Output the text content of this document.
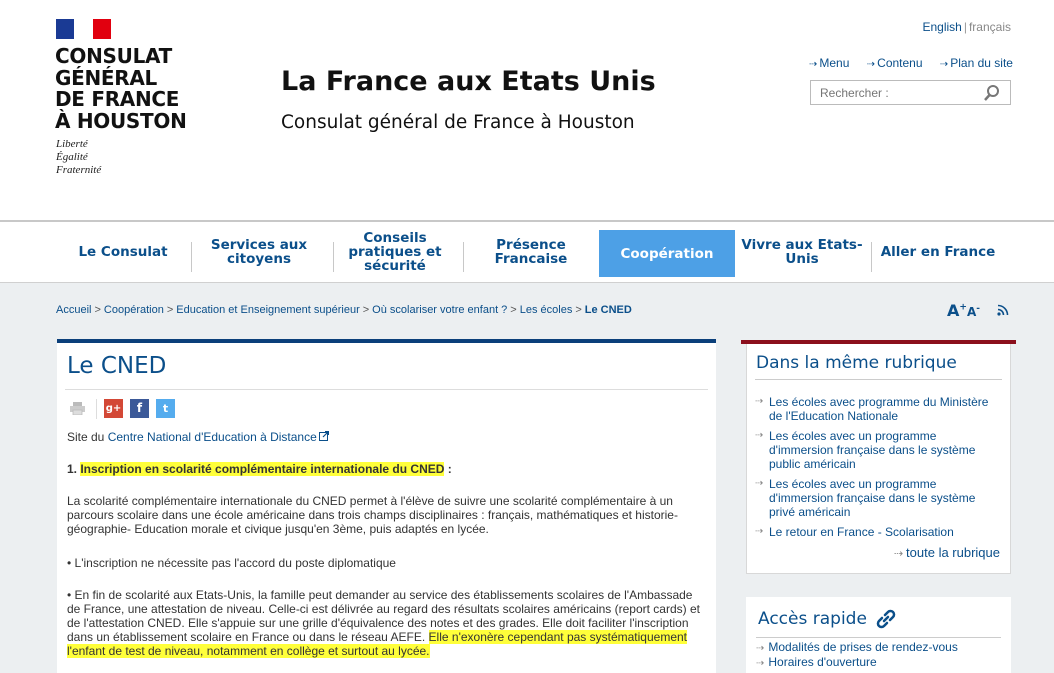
CONSULAT
GÉNÉRAL
DE FRANCE
À HOUSTON
Liberté
Égalité
Fraternité
La France aux Etats Unis
Consulat général de France à Houston
English | français
⇢ Menu ⇢ Contenu ⇢ Plan du site
Rechercher :
Le Consulat	Services aux citoyens
Conseils pratiques et sécurité
Présence Francaise	Coopération
Vivre aux Etats-Unis	Aller en France
Accueil > Coopération > Education et Enseignement supérieur > Où scolariser votre enfant ? > Les écoles > Le CNED	A+A-
Le CNED
g+	f	t

Site du Centre National d'Education à Distance

1. Inscription en scolarité complémentaire internationale du CNED :

La scolarité complémentaire internationale du CNED permet à l'élève de suivre une scolarité complémentaire à un
parcours scolaire dans une école américaine dans trois champs disciplinaires : français, mathématiques et historie-
géographie- Education morale et civique jusqu'en 3ème, puis adaptés en lycée.

• L'inscription ne nécessite pas l'accord du poste diplomatique

• En fin de scolarité aux Etats-Unis, la famille peut demander au service des établissements scolaires de l'Ambassade
de France, une attestation de niveau. Celle-ci est délivrée au regard des résultats scolaires américains (report cards) et
de l'attestation CNED. Elle s'appuie sur une grille d'équivalence des notes et des grades. Elle doit faciliter l'inscription
dans un établissement scolaire en France ou dans le réseau AEFE. Elle n'exonère cependant pas systématiquement
l'enfant de test de niveau, notamment en collège et surtout au lycée.

Dans la même rubrique
⇢ Les écoles avec programme du Ministère de l'Education Nationale
⇢ Les écoles avec un programme d'immersion française dans le système public américain
⇢ Les écoles avec un programme d'immersion française dans le système privé américain
⇢ Le retour en France - Scolarisation
⇢ toute la rubrique
Accès rapide
⇢ Modalités de prises de rendez-vous
⇢ Horaires d'ouverture
